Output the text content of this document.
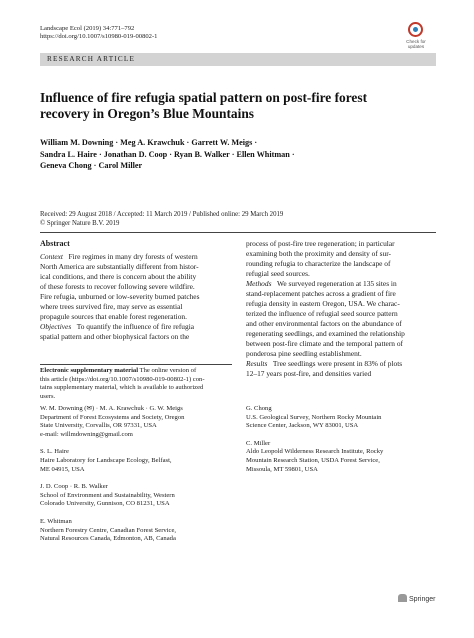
Landscape Ecol (2019) 34:771–792
https://doi.org/10.1007/s10980-019-00802-1
Check for
updates
RESEARCH ARTICLE
Influence of fire refugia spatial pattern on post-fire forest
recovery in Oregon’s Blue Mountains
William M. Downing · Meg A. Krawchuk · Garrett W. Meigs ·
Sandra L. Haire · Jonathan D. Coop · Ryan B. Walker · Ellen Whitman ·
Geneva Chong · Carol Miller
Received: 29 August 2018 / Accepted: 11 March 2019 / Published online: 29 March 2019
© Springer Nature B.V. 2019

Abstract

Context Fire regimes in many dry forests of western

North America are substantially different from histor-

ical conditions, and there is concern about the ability

of these forests to recover following severe wildfire.

Fire refugia, unburned or low-severity burned patches

where trees survived fire, may serve as essential

propagule sources that enable forest regeneration.

Objectives To quantify the influence of fire refugia

spatial pattern and other biophysical factors on the

Electronic supplementary material The online version of
this article (https://doi.org/10.1007/s10980-019-00802-1) con-
tains supplementary material, which is available to authorized
users.

process of post-fire tree regeneration; in particular

examining both the proximity and density of sur-

rounding refugia to characterize the landscape of

refugial seed sources.

Methods We surveyed regeneration at 135 sites in

stand-replacement patches across a gradient of fire

refugia density in eastern Oregon, USA. We charac-

terized the influence of refugial seed source pattern

and other environmental factors on the abundance of

regenerating seedlings, and examined the relationship

between post-fire climate and the temporal pattern of

ponderosa pine seedling establishment.

Results Tree seedlings were present in 83% of plots

12–17 years post-fire, and densities varied

W. M. Downing (✉) · M. A. Krawchuk · G. W. Meigs

Department of Forest Ecosystems and Society, Oregon

State University, Corvallis, OR 97331, USA

e-mail: willmdowning@gmail.com

S. L. Haire

Haire Laboratory for Landscape Ecology, Belfast,

ME 04915, USA

J. D. Coop · R. B. Walker

School of Environment and Sustainability, Western

Colorado University, Gunnison, CO 81231, USA

E. Whitman

Northern Forestry Centre, Canadian Forest Service,

Natural Resources Canada, Edmonton, AB, Canada

G. Chong

U.S. Geological Survey, Northern Rocky Mountain

Science Center, Jackson, WY 83001, USA

C. Miller

Aldo Leopold Wilderness Research Institute, Rocky

Mountain Research Station, USDA Forest Service,

Missoula, MT 59801, USA

Springer
